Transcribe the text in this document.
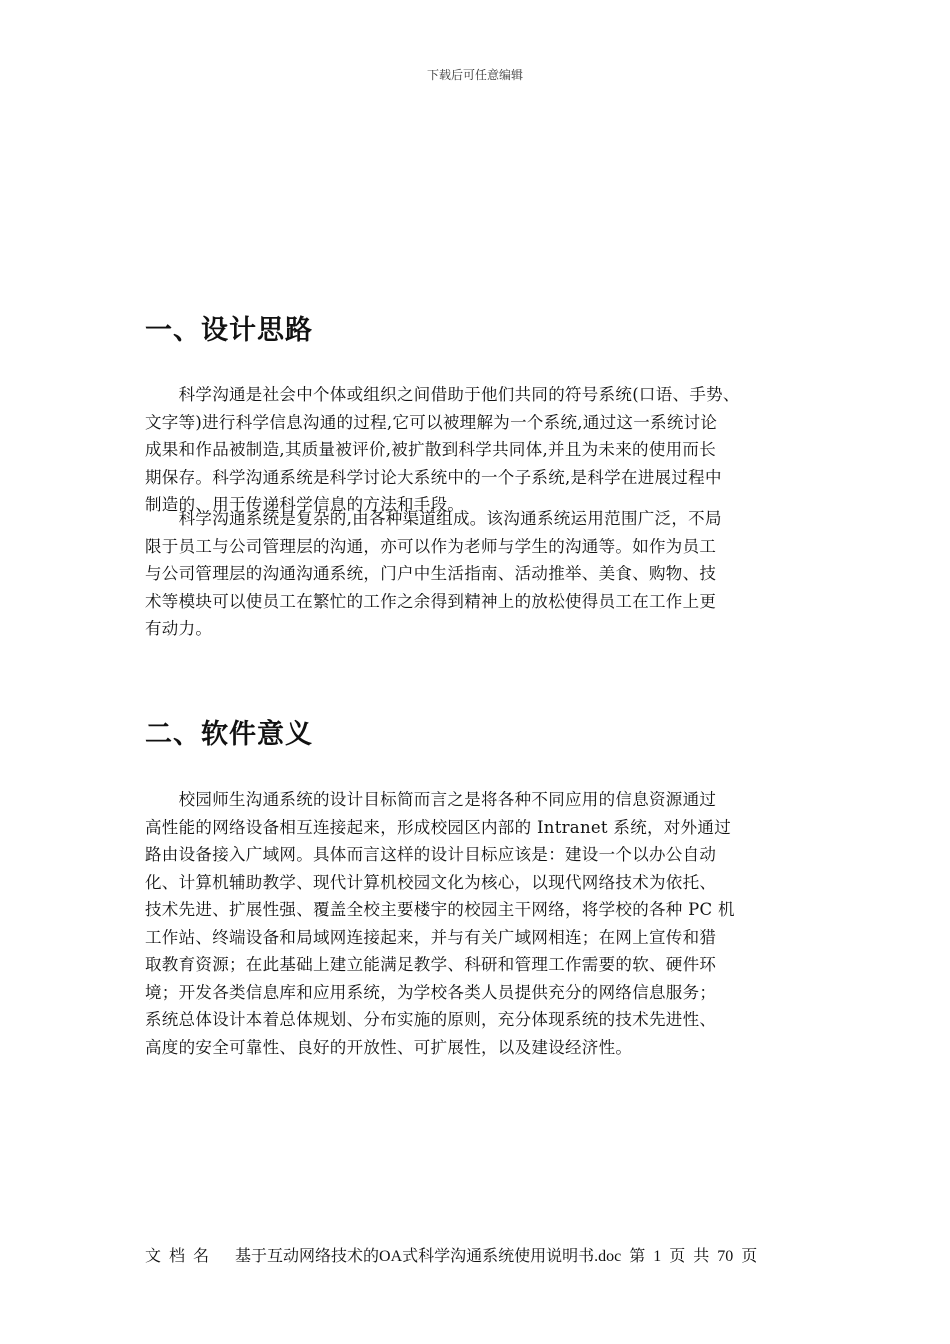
下载后可任意编辑
一、设计思路
　　科学沟通是社会中个体或组织之间借助于他们共同的符号系统(口语、手势、
文字等)进行科学信息沟通的过程,它可以被理解为一个系统,通过这一系统讨论
成果和作品被制造,其质量被评价,被扩散到科学共同体,并且为未来的使用而长
期保存。科学沟通系统是科学讨论大系统中的一个子系统,是科学在进展过程中
制造的、用于传递科学信息的方法和手段。
　　科学沟通系统是复杂的,由各种渠道组成。该沟通系统运用范围广泛，不局
限于员工与公司管理层的沟通，亦可以作为老师与学生的沟通等。如作为员工
与公司管理层的沟通沟通系统，门户中生活指南、活动推举、美食、购物、技
术等模块可以使员工在繁忙的工作之余得到精神上的放松使得员工在工作上更
有动力。
二、软件意义
　　校园师生沟通系统的设计目标简而言之是将各种不同应用的信息资源通过
高性能的网络设备相互连接起来，形成校园区内部的 Intranet 系统，对外通过
路由设备接入广域网。具体而言这样的设计目标应该是：建设一个以办公自动
化、计算机辅助教学、现代计算机校园文化为核心，以现代网络技术为依托、
技术先进、扩展性强、覆盖全校主要楼宇的校园主干网络，将学校的各种 PC 机
工作站、终端设备和局域网连接起来，并与有关广域网相连；在网上宣传和猎
取教育资源；在此基础上建立能满足教学、科研和管理工作需要的软、硬件环
境；开发各类信息库和应用系统，为学校各类人员提供充分的网络信息服务；
系统总体设计本着总体规划、分布实施的原则，充分体现系统的技术先进性、
高度的安全可靠性、良好的开放性、可扩展性，以及建设经济性。
文档名 基于互动网络技术的OA式科学沟通系统使用说明书.doc 第 1 页 共 70 页
